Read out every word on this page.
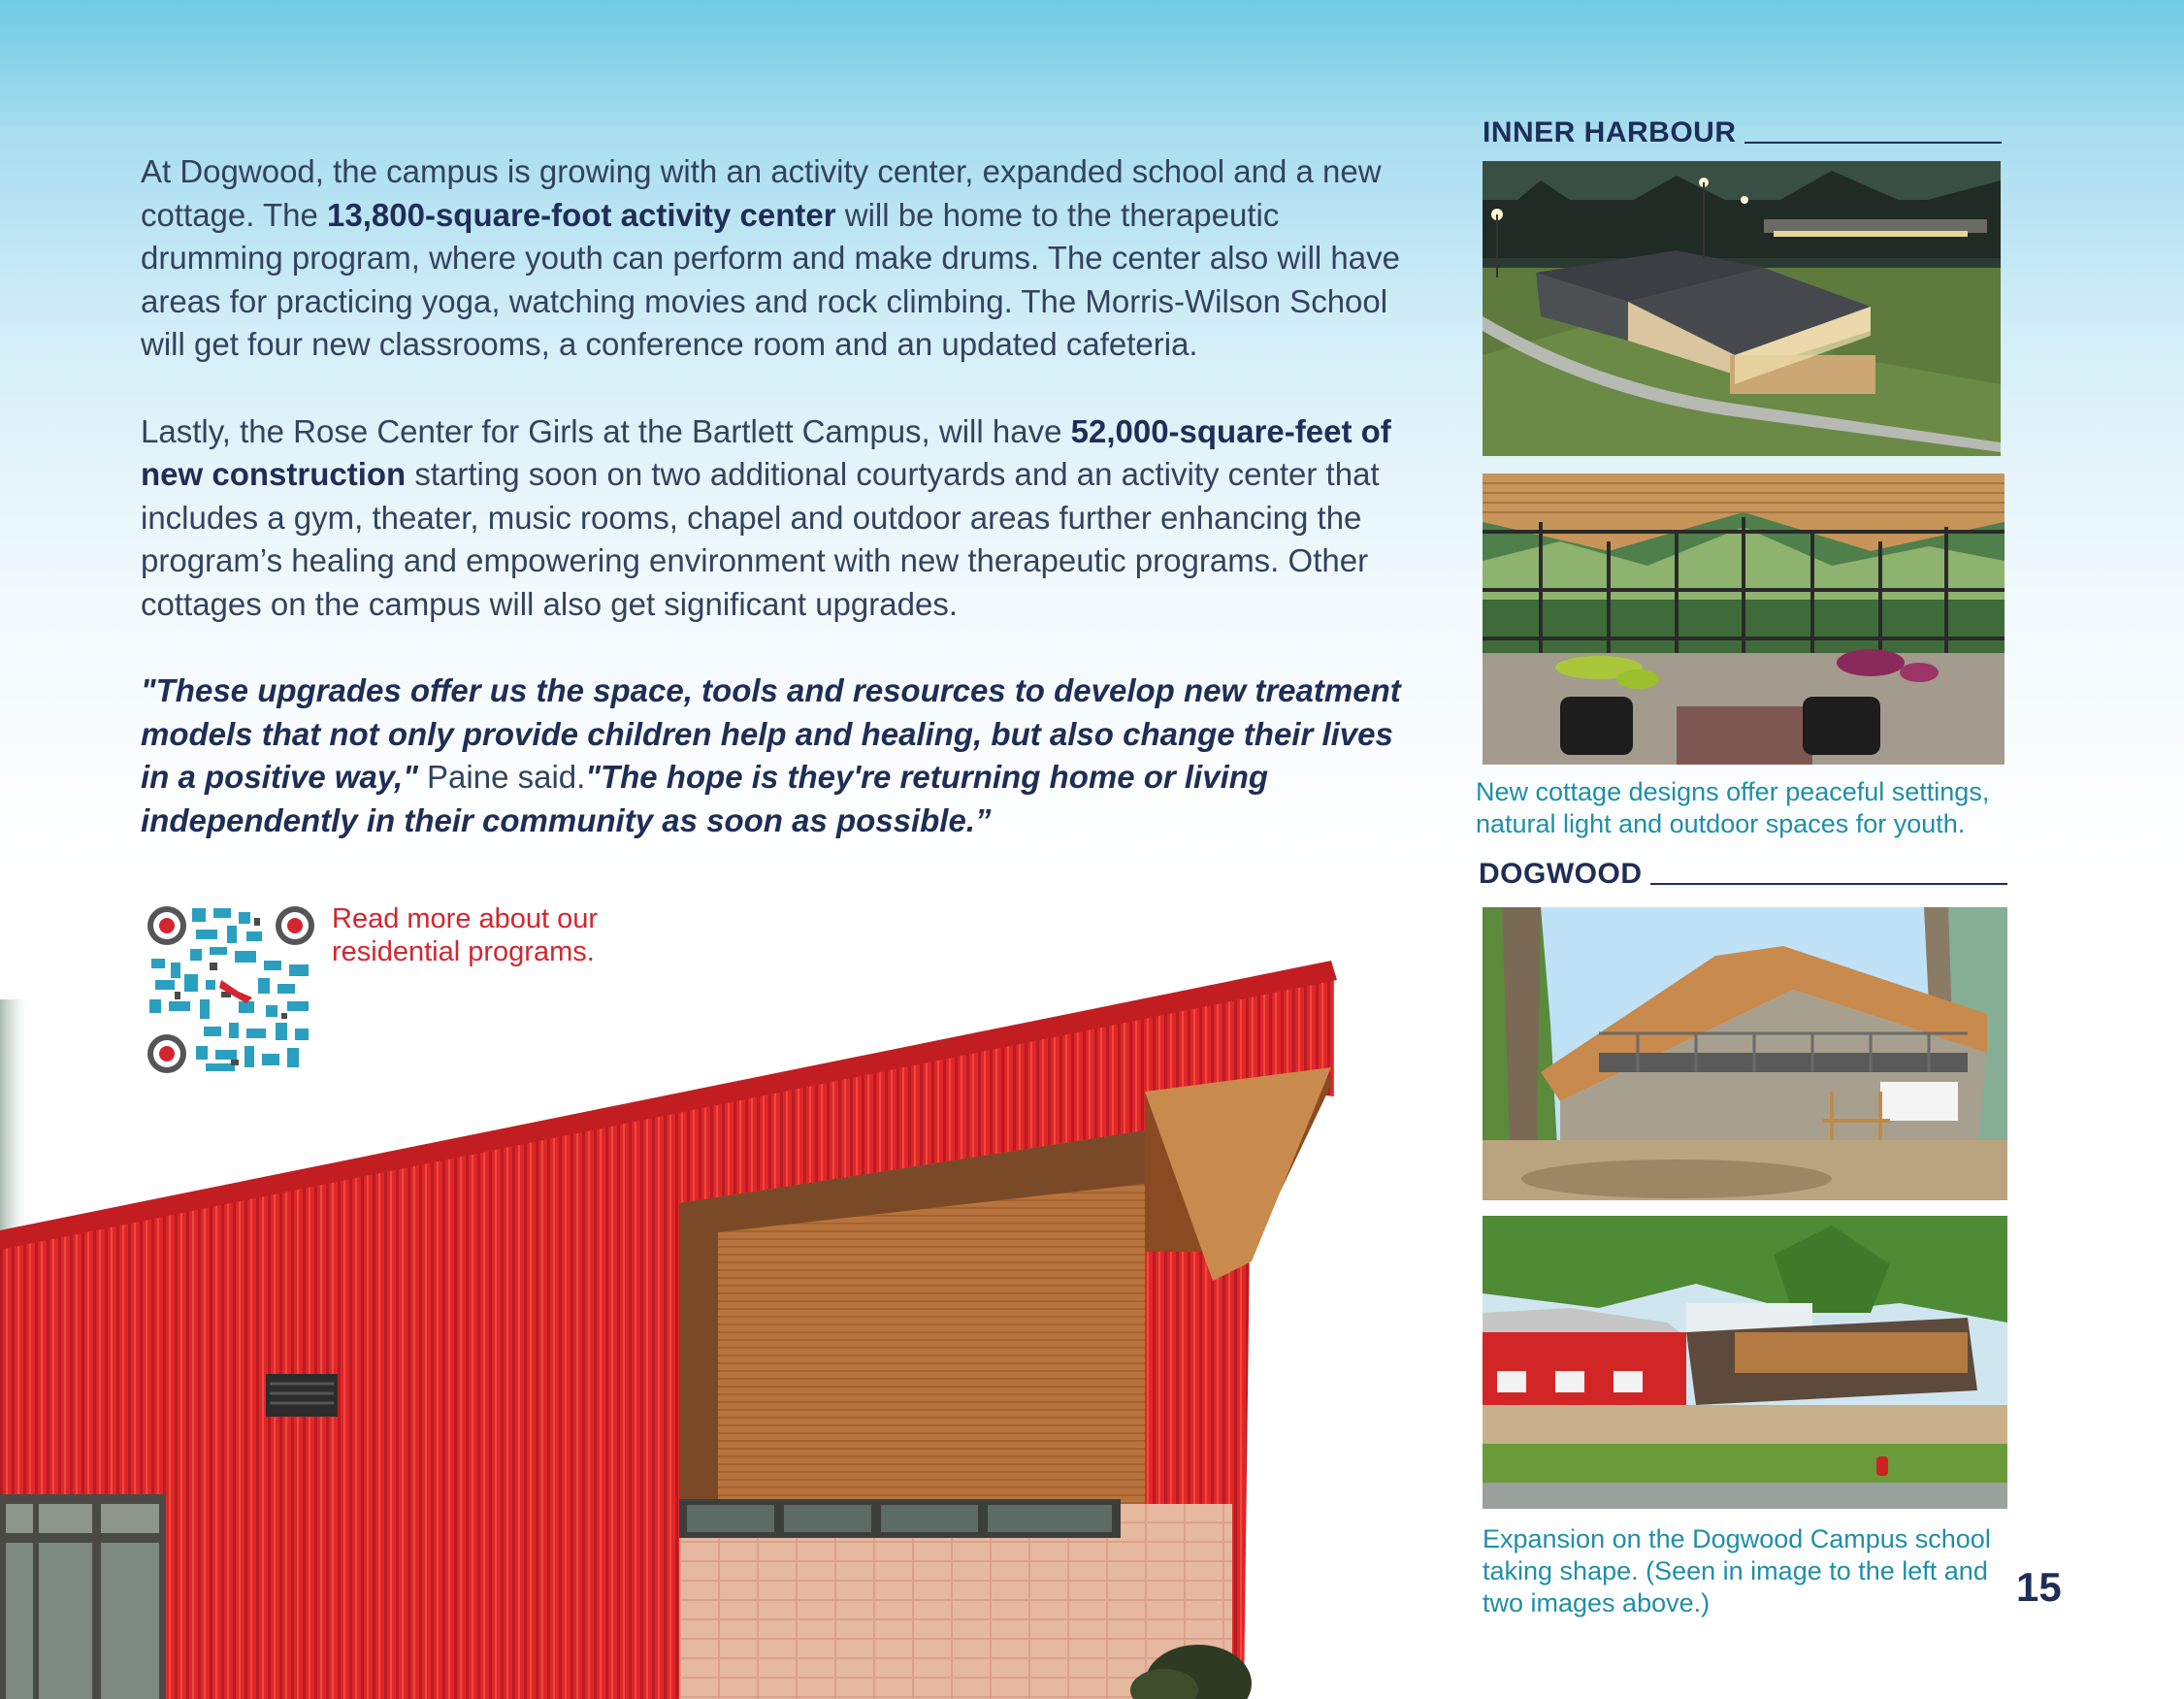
At Dogwood, the campus is growing with an activity center, expanded school and a new cottage. The 13,800-square-foot activity center will be home to the therapeutic drumming program, where youth can perform and make drums. The center also will have areas for practicing yoga, watching movies and rock climbing. The Morris-Wilson School will get four new classrooms, a conference room and an updated cafeteria.

Lastly, the Rose Center for Girls at the Bartlett Campus, will have 52,000-square-feet of new construction starting soon on two additional courtyards and an activity center that includes a gym, theater, music rooms, chapel and outdoor areas further enhancing the program’s healing and empowering environment with new therapeutic programs. Other cottages on the campus will also get significant upgrades.

"These upgrades offer us the space, tools and resources to develop new treatment models that not only provide children help and healing, but also change their lives in a positive way," Paine said."The hope is they're returning home or living independently in their community as soon as possible.”

Read more about our residential programs.
INNER HARBOUR
New cottage designs offer peaceful settings, natural light and outdoor spaces for youth.
DOGWOOD
Expansion on the Dogwood Campus school taking shape. (Seen in image to the left and two images above.)	15
